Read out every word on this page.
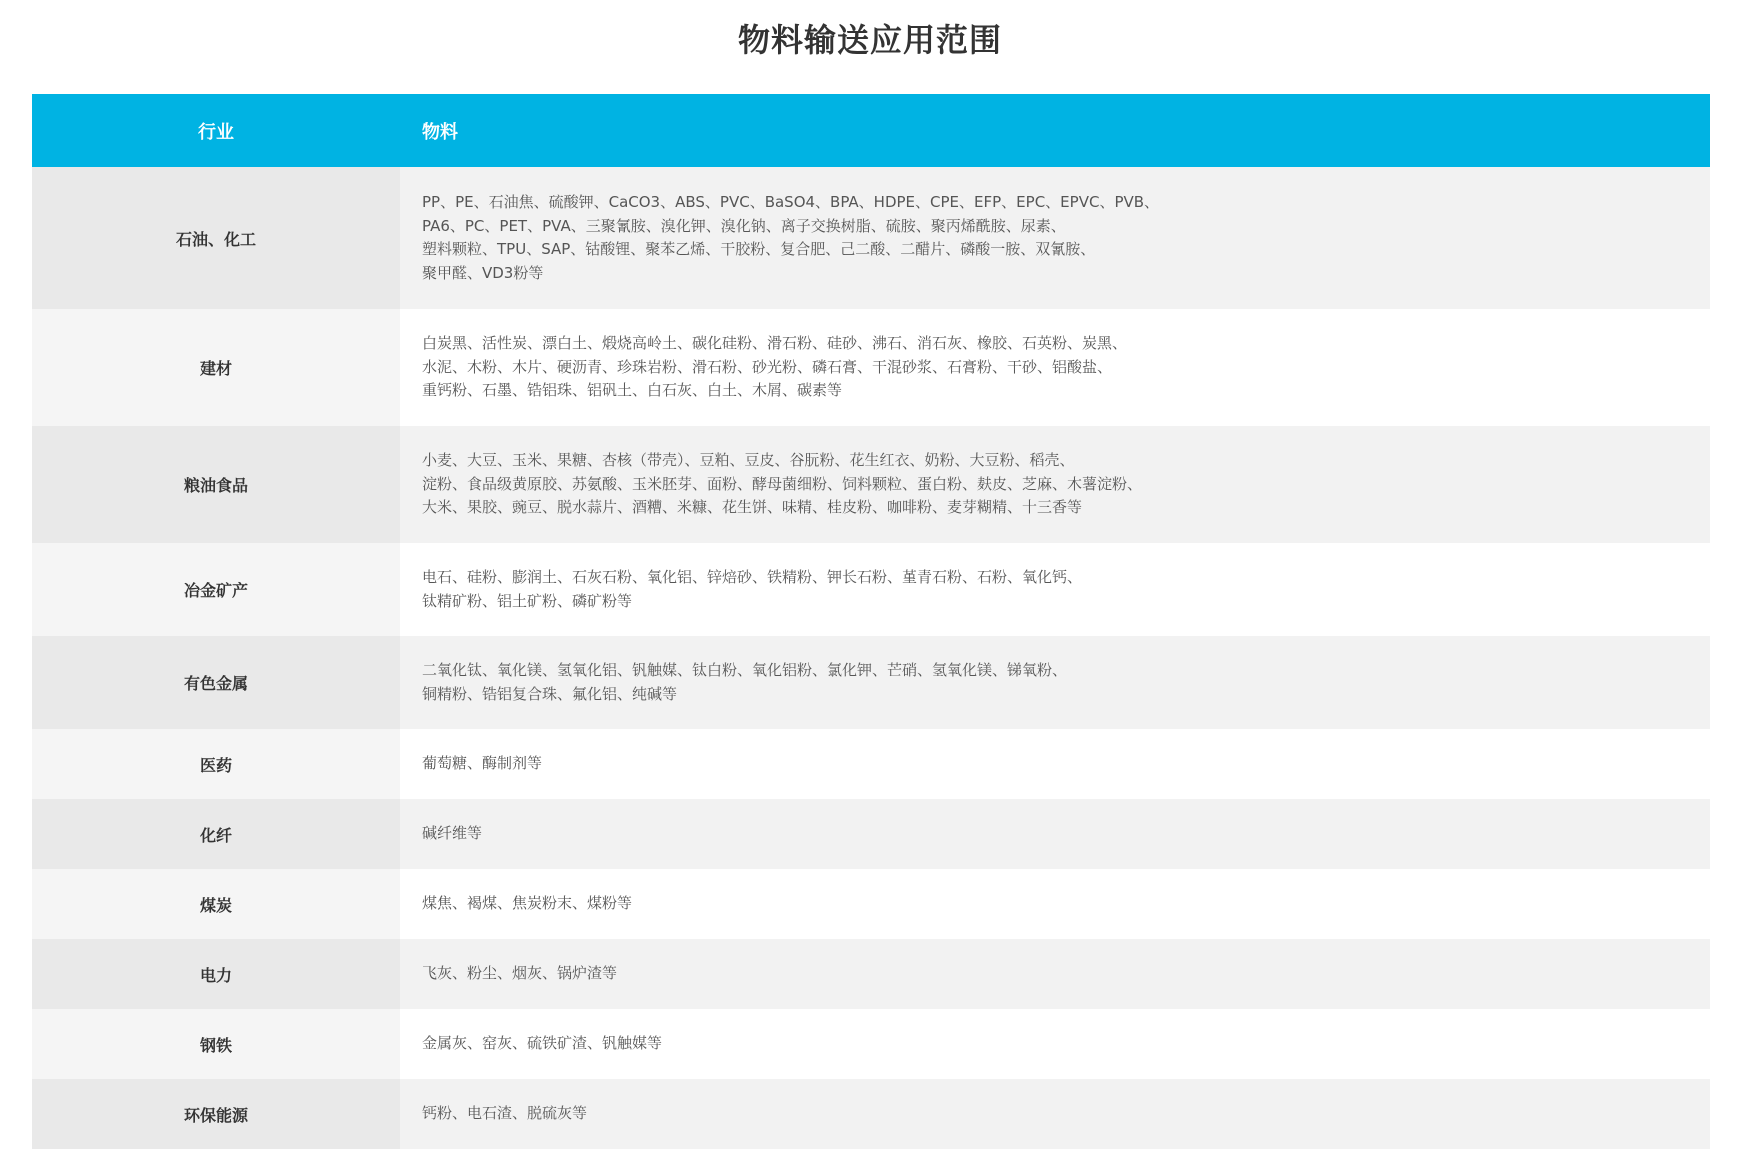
物料输送应用范围
行业	物料
石油、化工	PP、PE、石油焦、硫酸钾、CaCO3、ABS、PVC、BaSO4、BPA、HDPE、CPE、EFP、EPC、EPVC、PVB、
PA6、PC、PET、PVA、三聚氰胺、溴化钾、溴化钠、离子交换树脂、硫胺、聚丙烯酰胺、尿素、
塑料颗粒、TPU、SAP、钴酸锂、聚苯乙烯、干胶粉、复合肥、己二酸、二醋片、磷酸一胺、双氰胺、
聚甲醛、VD3粉等

建材	白炭黑、活性炭、漂白土、煅烧高岭土、碳化硅粉、滑石粉、硅砂、沸石、消石灰、橡胶、石英粉、炭黑、
水泥、木粉、木片、硬沥青、珍珠岩粉、滑石粉、砂光粉、磷石膏、干混砂浆、石膏粉、干砂、铝酸盐、
重钙粉、石墨、锆铝珠、铝矾土、白石灰、白土、木屑、碳素等

粮油食品	小麦、大豆、玉米、果糖、杏核（带壳）、豆粕、豆皮、谷朊粉、花生红衣、奶粉、大豆粉、稻壳、
淀粉、食品级黄原胶、苏氨酸、玉米胚芽、面粉、酵母菌细粉、饲料颗粒、蛋白粉、麸皮、芝麻、木薯淀粉、
大米、果胶、豌豆、脱水蒜片、酒糟、米糠、花生饼、味精、桂皮粉、咖啡粉、麦芽糊精、十三香等

冶金矿产	电石、硅粉、膨润土、石灰石粉、氧化铝、锌焙砂、铁精粉、钾长石粉、堇青石粉、石粉、氧化钙、
钛精矿粉、铝土矿粉、磷矿粉等

有色金属	二氧化钛、氧化镁、氢氧化铝、钒触媒、钛白粉、氧化铝粉、氯化钾、芒硝、氢氧化镁、锑氧粉、
铜精粉、锆铝复合珠、氟化铝、纯碱等

医药	葡萄糖、酶制剂等

化纤	碱纤维等

煤炭	煤焦、褐煤、焦炭粉末、煤粉等

电力	飞灰、粉尘、烟灰、锅炉渣等

钢铁	金属灰、窑灰、硫铁矿渣、钒触媒等

环保能源	钙粉、电石渣、脱硫灰等
